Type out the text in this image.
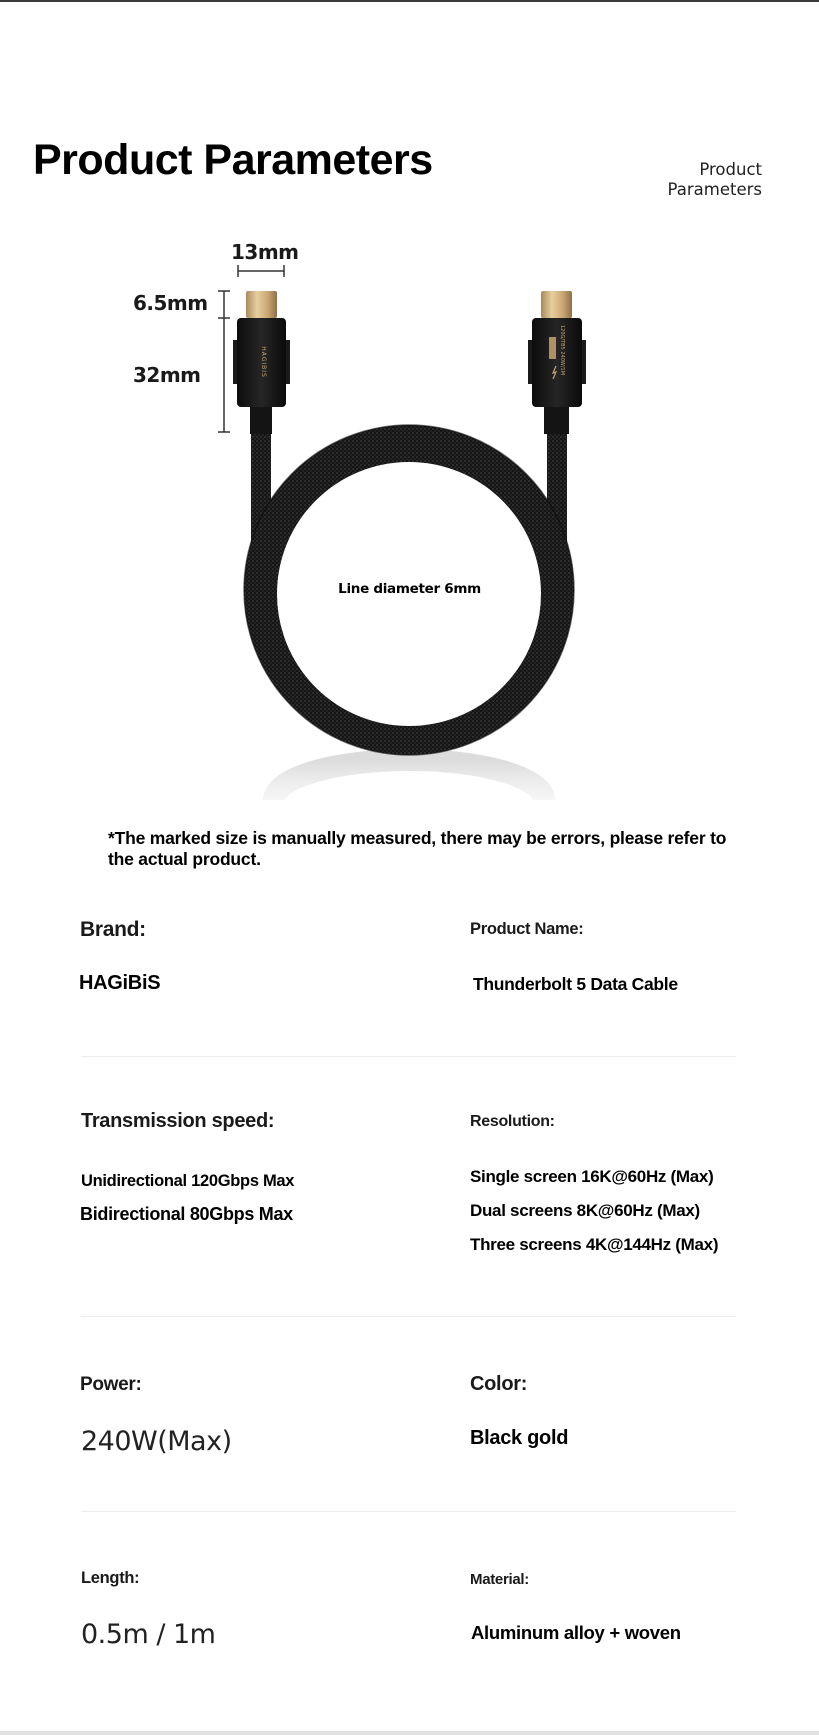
Product Parameters	Product
Parameters
HAGIBIS	120G/TB5 240W/1M
13mm
6.5mm
32mm
Line diameter 6mm
*The marked size is manually measured, there may be errors, please refer to the actual product.
Brand:
HAGiBiS
Product Name:
Thunderbolt 5 Data Cable
Transmission speed:
Unidirectional 120Gbps Max
Bidirectional 80Gbps Max
Resolution:
Single screen 16K@60Hz (Max)
Dual screens 8K@60Hz (Max)
Three screens 4K@144Hz (Max)
Power:
240W(Max)
Color:
Black gold
Length:
0.5m / 1m
Material:
Aluminum alloy + woven
